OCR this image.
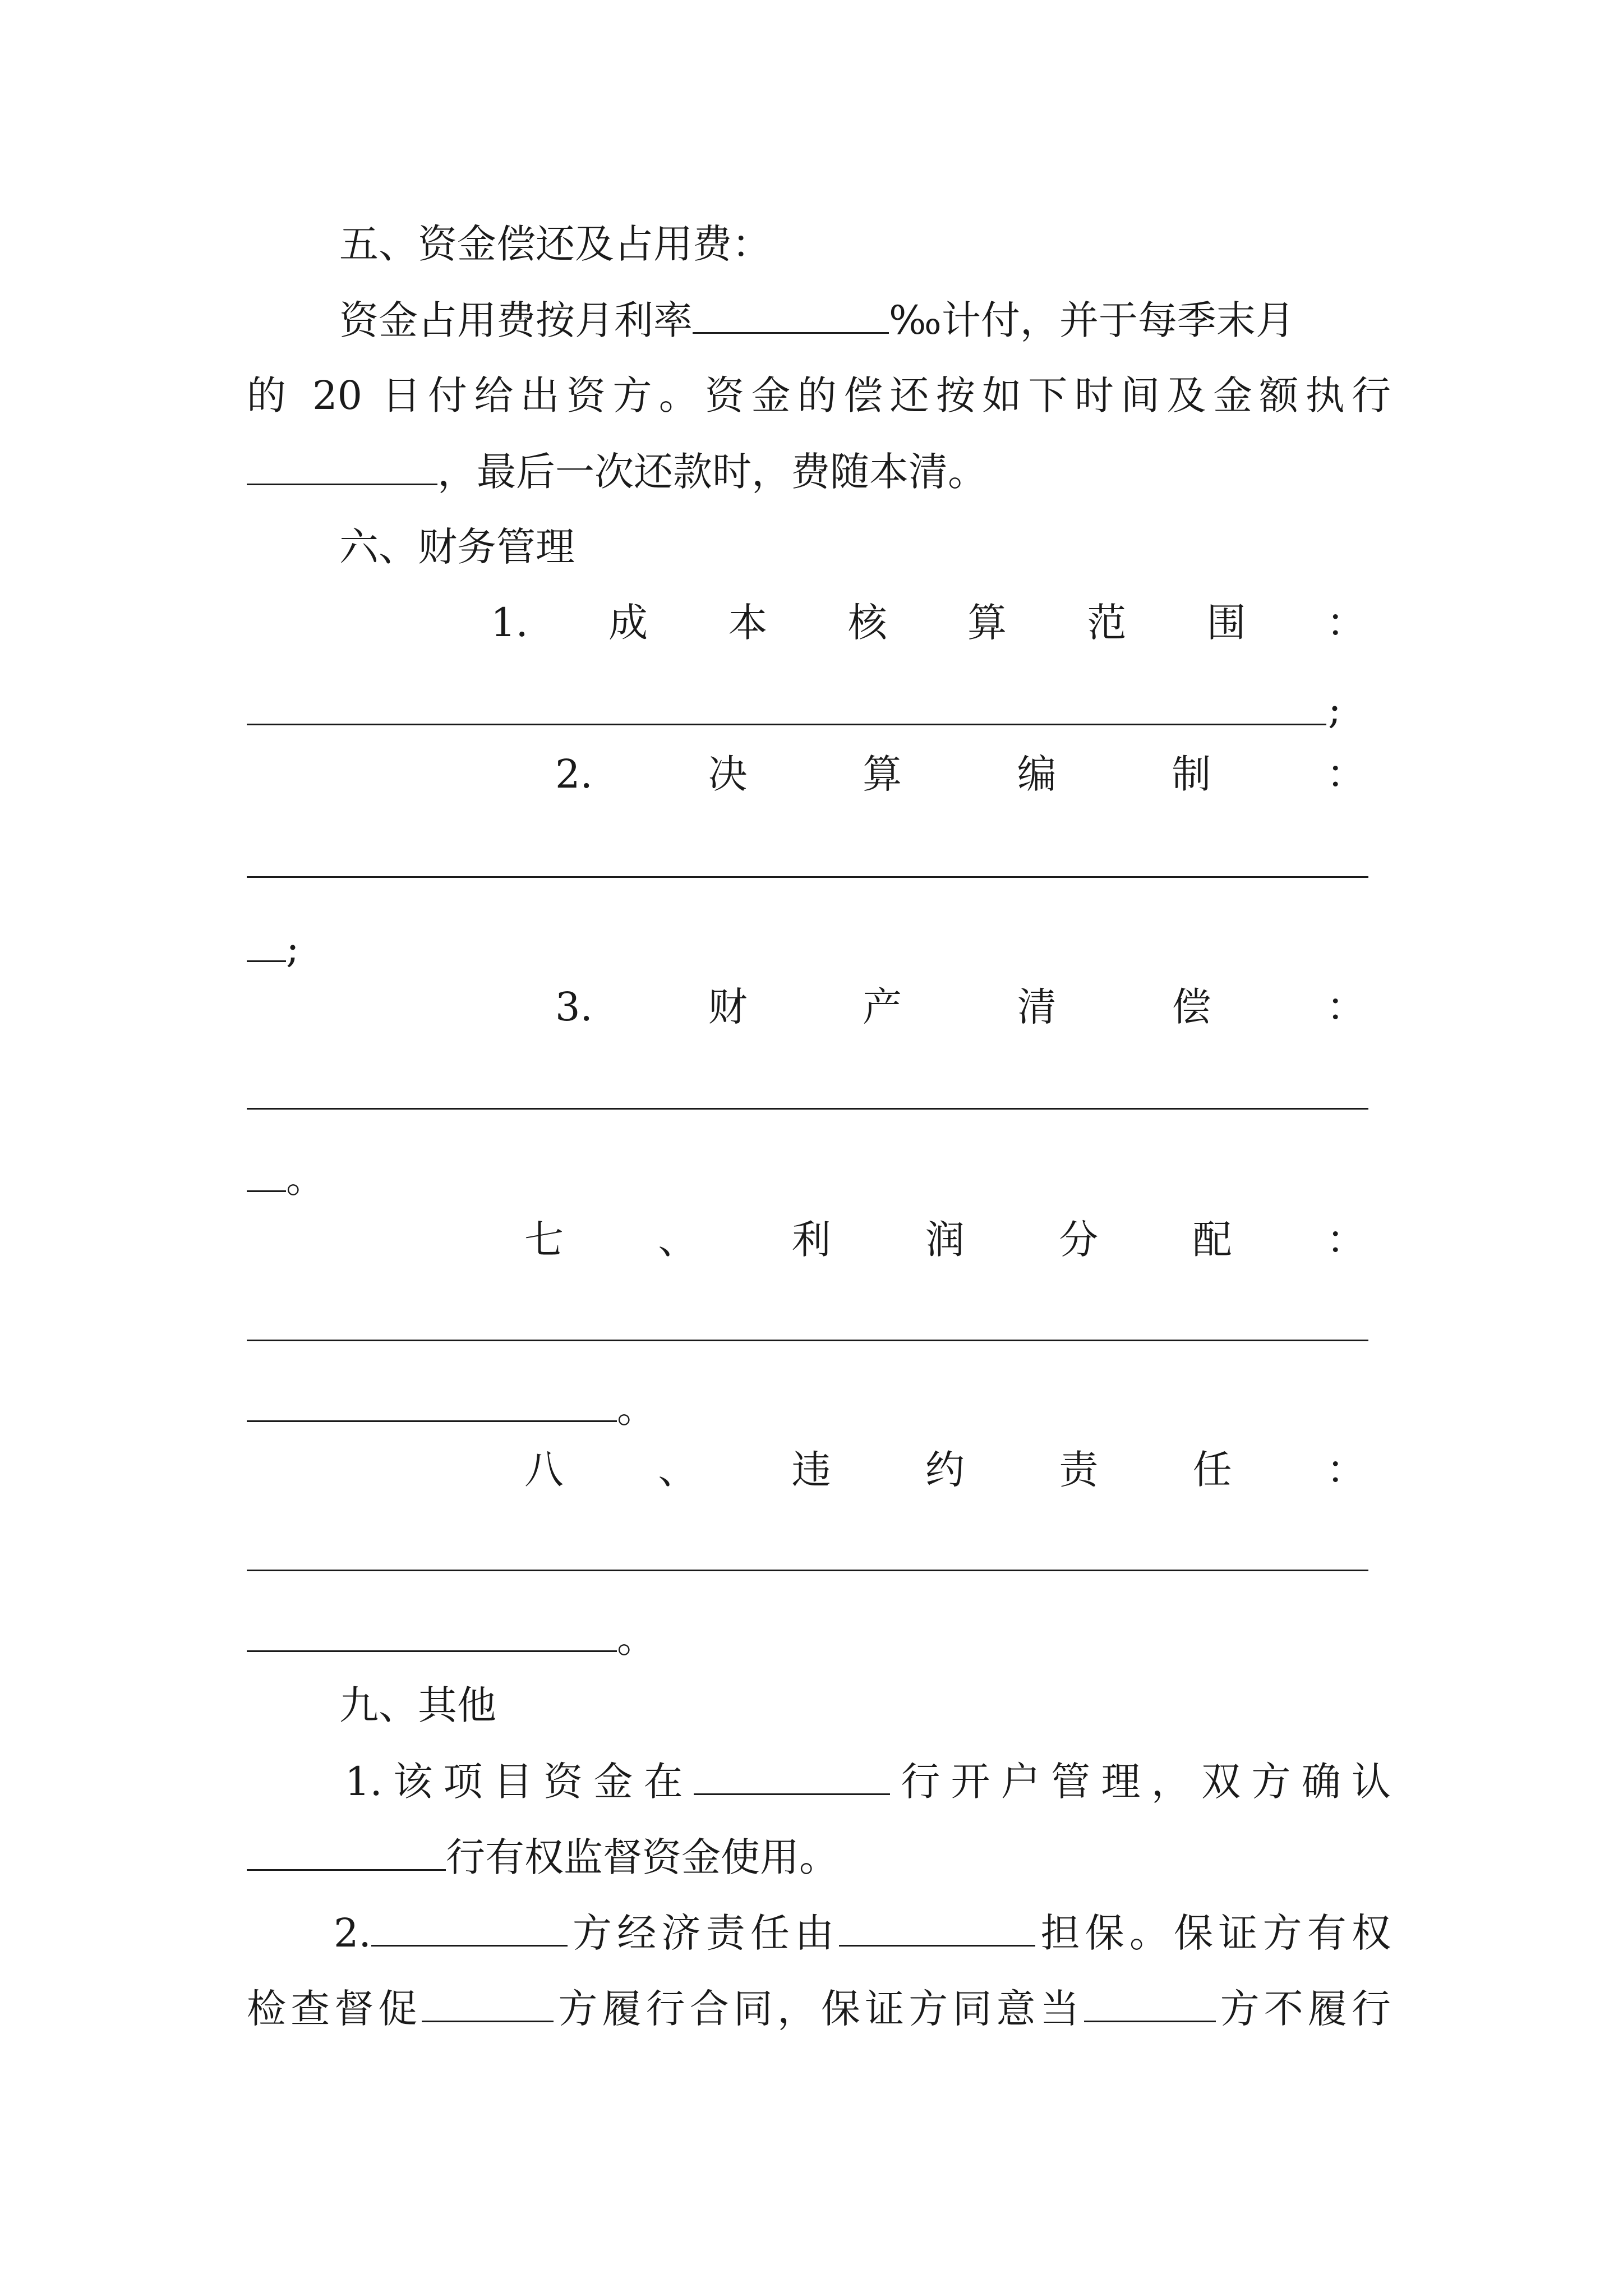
五、资金偿还及占用费：
资金占用费按月利率	‰计付，并于每季末月
的 20 日付给出资方。资金的偿还按如下时间及金额执行
，最后一次还款时，费随本清。
六、财务管理
1. 成 本 核 算 范 围 ：
;
2.	决	算	编	制	：
;
3.	财	产	清	偿	：
。
七 、 利 润 分 配 ：
。
八 、 违 约 责 任 ：
。
九、其他
1.该项目资金在	行开户管理，双方确认
行有权监督资金使用。
2.	方经济责任由	担保。保证方有权
检查督促	方履行合同，保证方同意当	方不履行
